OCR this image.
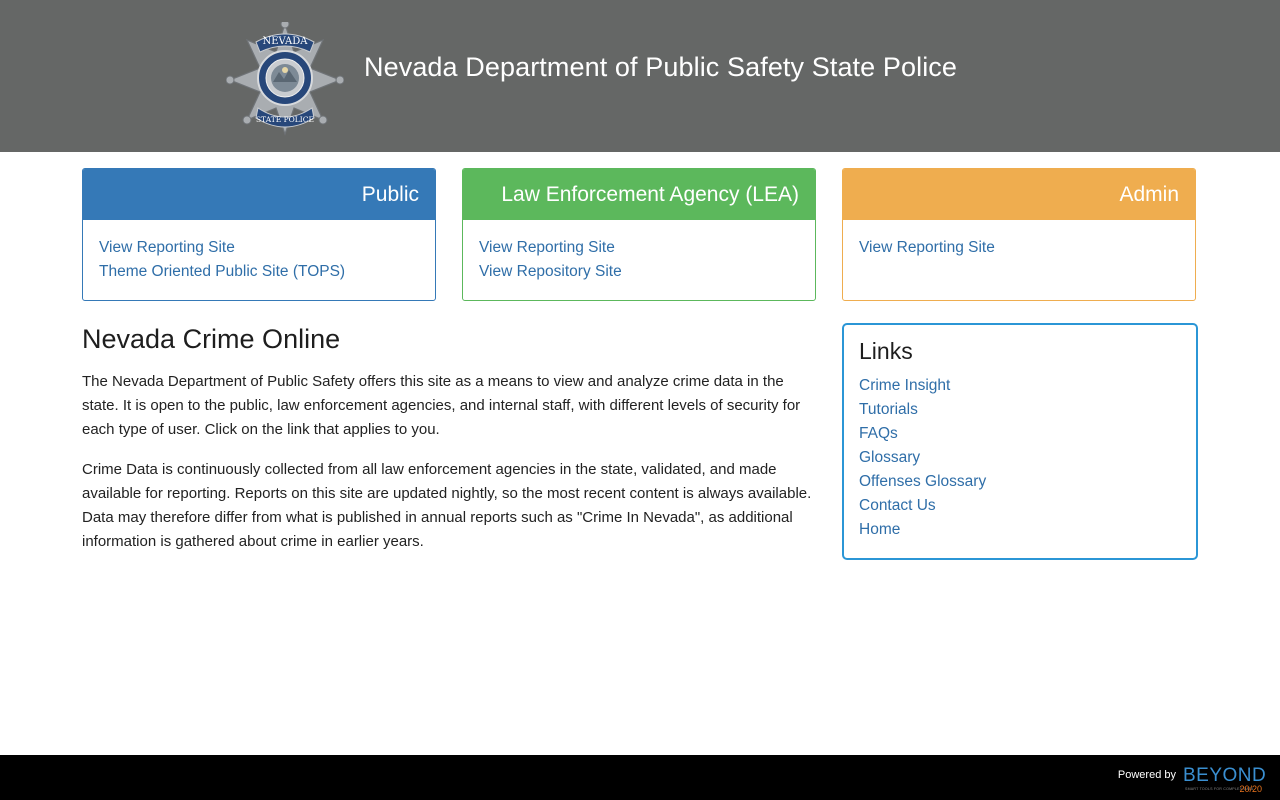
NEVADA
STATE POLICE
Nevada Department of Public Safety State Police
Public
View Reporting Site
Theme Oriented Public Site (TOPS)
Law Enforcement Agency (LEA)
View Reporting Site
View Repository Site
Admin
View Reporting Site
Nevada Crime Online

The Nevada Department of Public Safety offers this site as a means to view and analyze crime data in the state. It is open to the public, law enforcement agencies, and internal staff, with different levels of security for each type of user. Click on the link that applies to you.

Crime Data is continuously collected from all law enforcement agencies in the state, validated, and made available for reporting. Reports on this site are updated nightly, so the most recent content is always available. Data may therefore differ from what is published in annual reports such as "Crime In Nevada", as additional information is gathered about crime in earlier years.

Links
Crime Insight
Tutorials
FAQs
Glossary
Offenses Glossary
Contact Us
Home
Powered by BEYOND
SMART TOOLS FOR COMPLEX DATA
20/20
